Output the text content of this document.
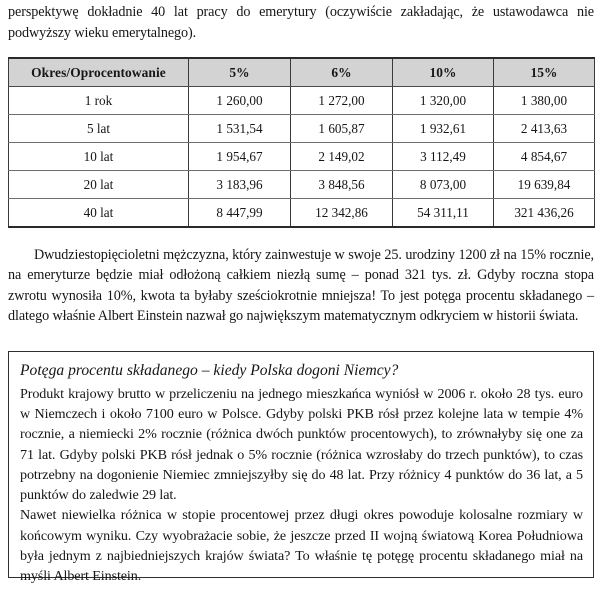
perspektywę dokładnie 40 lat pracy do emerytury (oczywiście zakładając, że ustawodawca nie podwyższy wieku emerytalnego).

Okres/Oprocentowanie	5%	6%	10%	15%
1 rok	1 260,00	1 272,00	1 320,00	1 380,00
5 lat	1 531,54	1 605,87	1 932,61	2 413,63
10 lat	1 954,67	2 149,02	3 112,49	4 854,67
20 lat	3 183,96	3 848,56	8 073,00	19 639,84
40 lat	8 447,99	12 342,86	54 311,11	321 436,26

Dwudziestopięcioletni mężczyzna, który zainwestuje w swoje 25. urodziny 1200 zł na 15% rocznie, na emeryturze będzie miał odłożoną całkiem niezłą sumę – ponad 321 tys. zł. Gdyby roczna stopa zwrotu wynosiła 10%, kwota ta byłaby sześciokrotnie mniejsza! To jest potęga procentu składanego – dlatego właśnie Albert Einstein nazwał go największym matematycznym odkryciem w historii świata.

Potęga procentu składanego – kiedy Polska dogoni Niemcy?

Produkt krajowy brutto w przeliczeniu na jednego mieszkańca wyniósł w 2006 r. około 28 tys. euro w Niemczech i około 7100 euro w Polsce. Gdyby polski PKB rósł przez kolejne lata w tempie 4% rocznie, a niemiecki 2% rocznie (różnica dwóch punktów procentowych), to zrównałyby się one za 71 lat. Gdyby polski PKB rósł jednak o 5% rocznie (różnica wzrosłaby do trzech punktów), to czas potrzebny na dogonienie Niemiec zmniejszyłby się do 48 lat. Przy różnicy 4 punktów do 36 lat, a 5 punktów do zaledwie 29 lat.

Nawet niewielka różnica w stopie procentowej przez długi okres powoduje kolosalne rozmiary w końcowym wyniku. Czy wyobrażacie sobie, że jeszcze przed II wojną światową Korea Południowa była jednym z najbiedniejszych krajów świata? To właśnie tę potęgę procentu składanego miał na myśli Albert Einstein.
